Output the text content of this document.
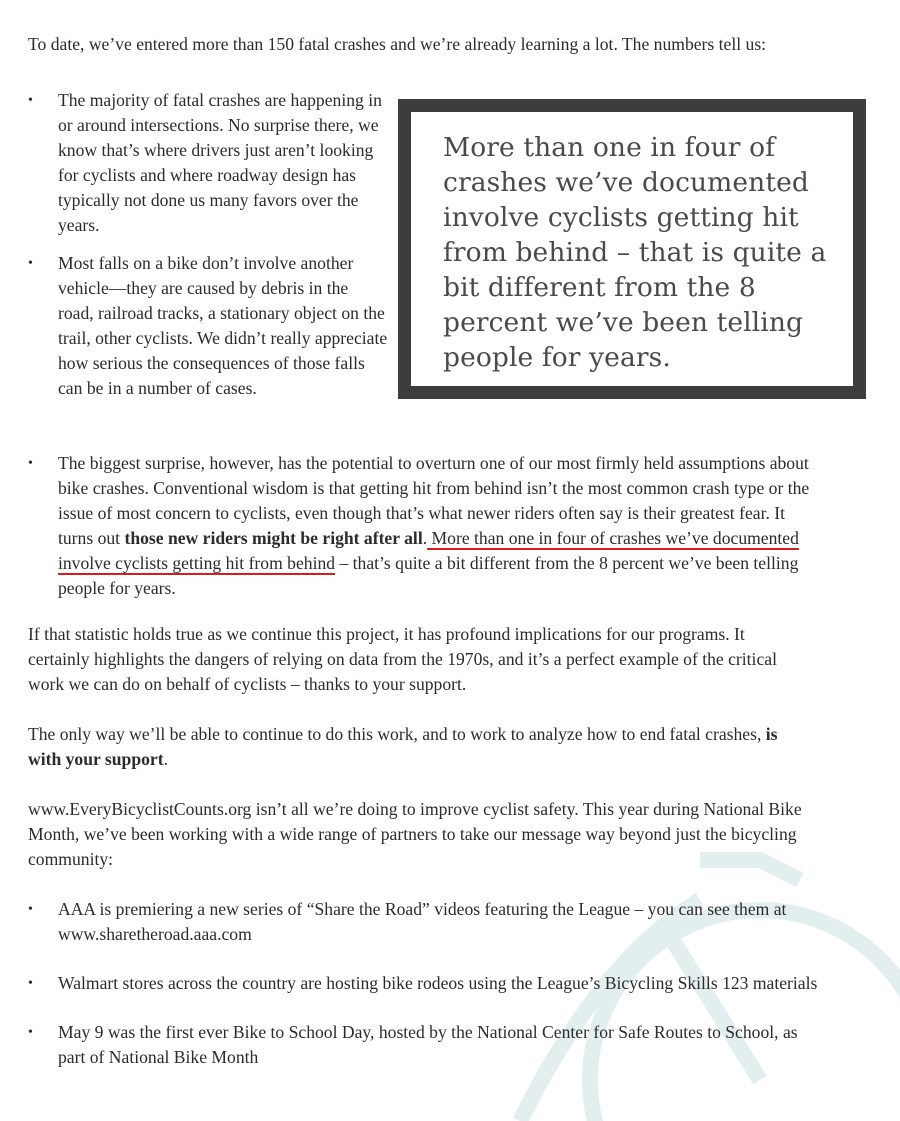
To date, we’ve entered more than 150 fatal crashes and we’re already learning a lot. The numbers tell us:

• The majority of fatal crashes are happening in or around intersections. No surprise there, we know that’s where drivers just aren’t looking for cyclists and where roadway design has typically not done us many favors over the years.
• Most falls on a bike don’t involve another vehicle—they are caused by debris in the road, railroad tracks, a stationary object on the trail, other cyclists. We didn’t really appreciate how serious the consequences of those falls can be in a number of cases.

More than one in four of crashes we’ve documented involve cyclists getting hit from behind – that is quite a bit different from the 8 percent we’ve been telling people for years.

• The biggest surprise, however, has the potential to overturn one of our most firmly held assumptions about bike crashes. Conventional wisdom is that getting hit from behind isn’t the most common crash type or the issue of most concern to cyclists, even though that’s what newer riders often say is their greatest fear. It turns out those new riders might be right after all. More than one in four of crashes we’ve documented involve cyclists getting hit from behind – that’s quite a bit different from the 8 percent we’ve been telling people for years.

If that statistic holds true as we continue this project, it has profound implications for our programs. It certainly highlights the dangers of relying on data from the 1970s, and it’s a perfect example of the critical work we can do on behalf of cyclists – thanks to your support.

The only way we’ll be able to continue to do this work, and to work to analyze how to end fatal crashes, is with your support.

www.EveryBicyclistCounts.org isn’t all we’re doing to improve cyclist safety. This year during National Bike Month, we’ve been working with a wide range of partners to take our message way beyond just the bicycling community:

• AAA is premiering a new series of “Share the Road” videos featuring the League – you can see them at www.sharetheroad.aaa.com
• Walmart stores across the country are hosting bike rodeos using the League’s Bicycling Skills 123 materials
• May 9 was the first ever Bike to School Day, hosted by the National Center for Safe Routes to School, as part of National Bike Month
